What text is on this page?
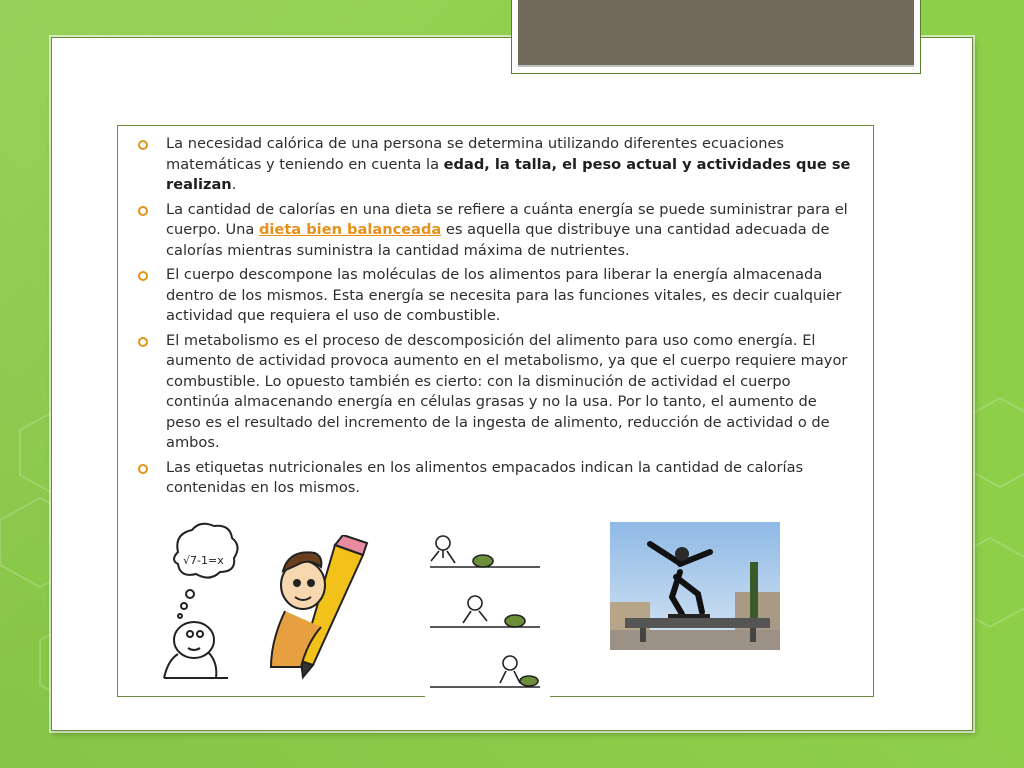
La necesidad calórica de una persona se determina utilizando diferentes ecuaciones matemáticas y teniendo en cuenta la edad, la talla, el peso actual y actividades que se realizan.
La cantidad de calorías en una dieta se refiere a cuánta energía se puede suministrar para el cuerpo. Una dieta bien balanceada es aquella que distribuye una cantidad adecuada de calorías mientras suministra la cantidad máxima de nutrientes.
El cuerpo descompone las moléculas de los alimentos para liberar la energía almacenada dentro de los mismos. Esta energía se necesita para las funciones vitales, es decir cualquier actividad que requiera el uso de combustible.
El metabolismo es el proceso de descomposición del alimento para uso como energía. El aumento de actividad provoca aumento en el metabolismo, ya que el cuerpo requiere mayor combustible. Lo opuesto también es cierto: con la disminución de actividad el cuerpo continúa almacenando energía en células grasas y no la usa. Por lo tanto, el aumento de peso es el resultado del incremento de la ingesta de alimento, reducción de actividad o de ambos.
Las etiquetas nutricionales en los alimentos empacados indican la cantidad de calorías contenidas en los mismos.
√7-1=x
